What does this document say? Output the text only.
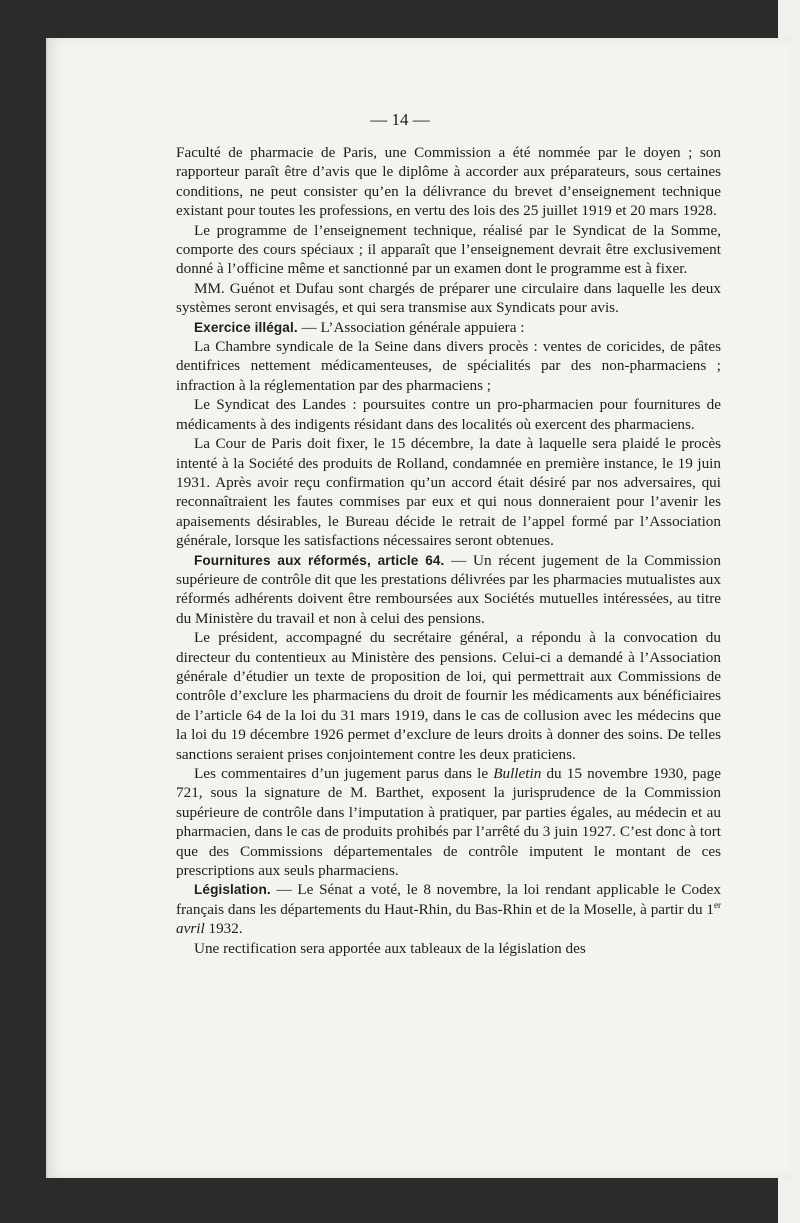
— 14 —

Faculté de pharmacie de Paris, une Commission a été nommée par le doyen ; son rapporteur paraît être d’avis que le diplôme à accorder aux préparateurs, sous certaines conditions, ne peut consister qu’en la délivrance du brevet d’enseignement technique existant pour toutes les professions, en vertu des lois des 25 juillet 1919 et 20 mars 1928.

Le programme de l’enseignement technique, réalisé par le Syndicat de la Somme, comporte des cours spéciaux ; il apparaît que l’enseignement devrait être exclusivement donné à l’officine même et sanctionné par un examen dont le programme est à fixer.

MM. Guénot et Dufau sont chargés de préparer une circulaire dans laquelle les deux systèmes seront envisagés, et qui sera transmise aux Syndicats pour avis.

Exercice illégal. — L’Association générale appuiera :

La Chambre syndicale de la Seine dans divers procès : ventes de coricides, de pâtes dentifrices nettement médicamenteuses, de spécialités par des non-pharmaciens ; infraction à la réglementation par des pharmaciens ;

Le Syndicat des Landes : poursuites contre un pro-pharmacien pour fournitures de médicaments à des indigents résidant dans des localités où exercent des pharmaciens.

La Cour de Paris doit fixer, le 15 décembre, la date à laquelle sera plaidé le procès intenté à la Société des produits de Rolland, condamnée en première instance, le 19 juin 1931. Après avoir reçu confirmation qu’un accord était désiré par nos adversaires, qui reconnaîtraient les fautes commises par eux et qui nous donneraient pour l’avenir les apaisements désirables, le Bureau décide le retrait de l’appel formé par l’Association générale, lorsque les satisfactions nécessaires seront obtenues.

Fournitures aux réformés, article 64. — Un récent jugement de la Commission supérieure de contrôle dit que les prestations délivrées par les pharmacies mutualistes aux réformés adhérents doivent être remboursées aux Sociétés mutuelles intéressées, au titre du Ministère du travail et non à celui des pensions.

Le président, accompagné du secrétaire général, a répondu à la convocation du directeur du contentieux au Ministère des pensions. Celui-ci a demandé à l’Association générale d’étudier un texte de proposition de loi, qui permettrait aux Commissions de contrôle d’exclure les pharmaciens du droit de fournir les médicaments aux bénéficiaires de l’article 64 de la loi du 31 mars 1919, dans le cas de collusion avec les médecins que la loi du 19 décembre 1926 permet d’exclure de leurs droits à donner des soins. De telles sanctions seraient prises conjointement contre les deux praticiens.

Les commentaires d’un jugement parus dans le Bulletin du 15 novembre 1930, page 721, sous la signature de M. Barthet, exposent la jurisprudence de la Commission supérieure de contrôle dans l’imputation à pratiquer, par parties égales, au médecin et au pharmacien, dans le cas de produits prohibés par l’arrêté du 3 juin 1927. C’est donc à tort que des Commissions départementales de contrôle imputent le montant de ces prescriptions aux seuls pharmaciens.

Législation. — Le Sénat a voté, le 8 novembre, la loi rendant applicable le Codex français dans les départements du Haut-Rhin, du Bas-Rhin et de la Moselle, à partir du 1er avril 1932.

Une rectification sera apportée aux tableaux de la législation des
